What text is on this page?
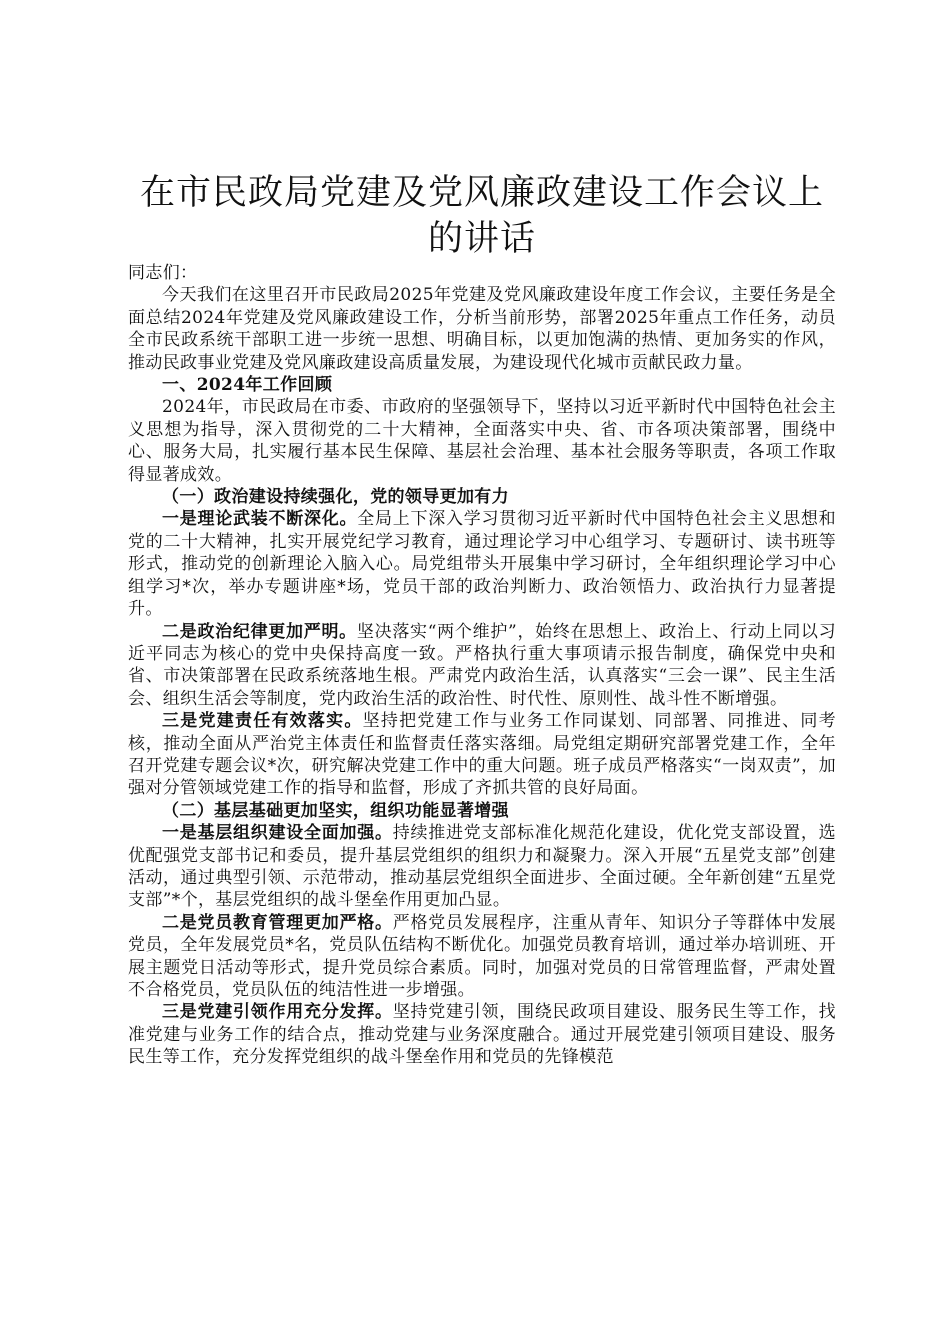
在市民政局党建及党风廉政建设工作会议上的讲话

同志们：

今天我们在这里召开市民政局2025年党建及党风廉政建设年度工作会议，主要任务是全面总结2024年党建及党风廉政建设工作，分析当前形势，部署2025年重点工作任务，动员全市民政系统干部职工进一步统一思想、明确目标，以更加饱满的热情、更加务实的作风，推动民政事业党建及党风廉政建设高质量发展，为建设现代化城市贡献民政力量。

一、2024年工作回顾

2024年，市民政局在市委、市政府的坚强领导下，坚持以习近平新时代中国特色社会主义思想为指导，深入贯彻党的二十大精神，全面落实中央、省、市各项决策部署，围绕中心、服务大局，扎实履行基本民生保障、基层社会治理、基本社会服务等职责，各项工作取得显著成效。

（一）政治建设持续强化，党的领导更加有力

一是理论武装不断深化。全局上下深入学习贯彻习近平新时代中国特色社会主义思想和党的二十大精神，扎实开展党纪学习教育，通过理论学习中心组学习、专题研讨、读书班等形式，推动党的创新理论入脑入心。局党组带头开展集中学习研讨，全年组织理论学习中心组学习*次，举办专题讲座*场，党员干部的政治判断力、政治领悟力、政治执行力显著提升。

二是政治纪律更加严明。坚决落实“两个维护”，始终在思想上、政治上、行动上同以习近平同志为核心的党中央保持高度一致。严格执行重大事项请示报告制度，确保党中央和省、市决策部署在民政系统落地生根。严肃党内政治生活，认真落实“三会一课”、民主生活会、组织生活会等制度，党内政治生活的政治性、时代性、原则性、战斗性不断增强。

三是党建责任有效落实。坚持把党建工作与业务工作同谋划、同部署、同推进、同考核，推动全面从严治党主体责任和监督责任落实落细。局党组定期研究部署党建工作，全年召开党建专题会议*次，研究解决党建工作中的重大问题。班子成员严格落实“一岗双责”，加强对分管领域党建工作的指导和监督，形成了齐抓共管的良好局面。

（二）基层基础更加坚实，组织功能显著增强

一是基层组织建设全面加强。持续推进党支部标准化规范化建设，优化党支部设置，选优配强党支部书记和委员，提升基层党组织的组织力和凝聚力。深入开展“五星党支部”创建活动，通过典型引领、示范带动，推动基层党组织全面进步、全面过硬。全年新创建“五星党支部”*个，基层党组织的战斗堡垒作用更加凸显。

二是党员教育管理更加严格。严格党员发展程序，注重从青年、知识分子等群体中发展党员，全年发展党员*名，党员队伍结构不断优化。加强党员教育培训，通过举办培训班、开展主题党日活动等形式，提升党员综合素质。同时，加强对党员的日常管理监督，严肃处置不合格党员，党员队伍的纯洁性进一步增强。

三是党建引领作用充分发挥。坚持党建引领，围绕民政项目建设、服务民生等工作，找准党建与业务工作的结合点，推动党建与业务深度融合。通过开展党建引领项目建设、服务民生等工作，充分发挥党组织的战斗堡垒作用和党员的先锋模范
